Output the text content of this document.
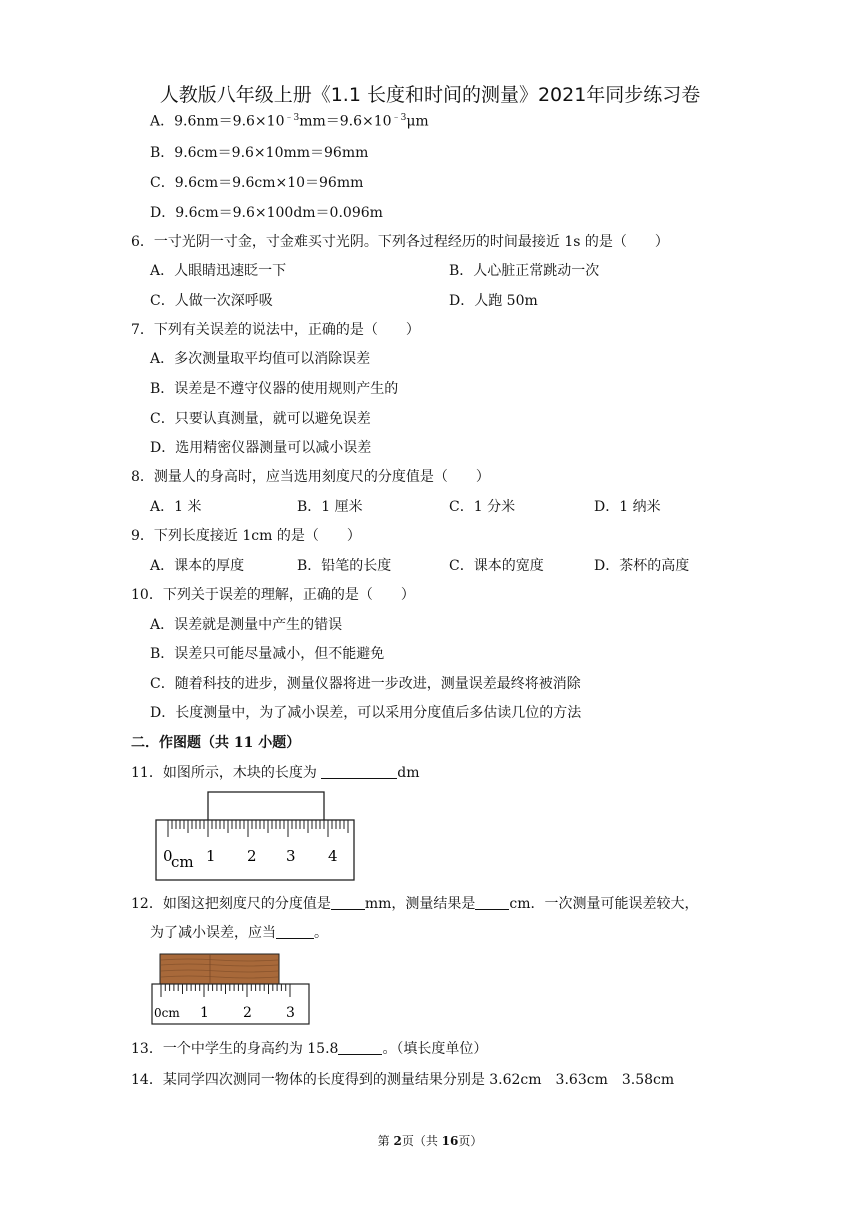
人教版八年级上册《1.1 长度和时间的测量》2021年同步练习卷
A．$9.6nm=9.6\times 10^{﹣3}mm=9.6\times 10^{﹣3}\mu m$
B．9.6cm＝9.6×10mm＝96mm
C．9.6cm＝9.6cm×10＝96mm
D．9.6cm＝9.6×100dm＝0.096m
6．一寸光阴一寸金，寸金难买寸光阴。下列各过程经历的时间最接近 1s 的是（　　）
A．人眼睛迅速眨一下	B．人心脏正常跳动一次
C．人做一次深呼吸	D．人跑 50m
7．下列有关误差的说法中，正确的是（　　）
A．多次测量取平均值可以消除误差
B．误差是不遵守仪器的使用规则产生的
C．只要认真测量，就可以避免误差
D．选用精密仪器测量可以减小误差
8．测量人的身高时，应当选用刻度尺的分度值是（　　）
A．1 米	B．1 厘米	C．1 分米	D．1 纳米
9．下列长度接近 1cm 的是（　　）
A．课本的厚度	B．铅笔的长度	C．课本的宽度	D．茶杯的高度
10．下列关于误差的理解，正确的是（　　）
A．误差就是测量中产生的错误
B．误差只可能尽量减小，但不能避免
C．随着科技的进步，测量仪器将进一步改进，测量误差最终将被消除
D．长度测量中，为了减小误差，可以采用分度值后多估读几位的方法
二．作图题（共 11 小题）
11．如图所示，木块的长度为	dm
0
cm 1 2 3 4
12．如图这把刻度尺的分度值是 mm，测量结果是 cm．一次测量可能误差较大，
为了减小误差，应当	。
0cm 1 2 3
13．一个中学生的身高约为 15.8	。（填长度单位）
14．某同学四次测同一物体的长度得到的测量结果分别是 3.62cm　3.63cm　3.58cm
第 2页（共 16页）
